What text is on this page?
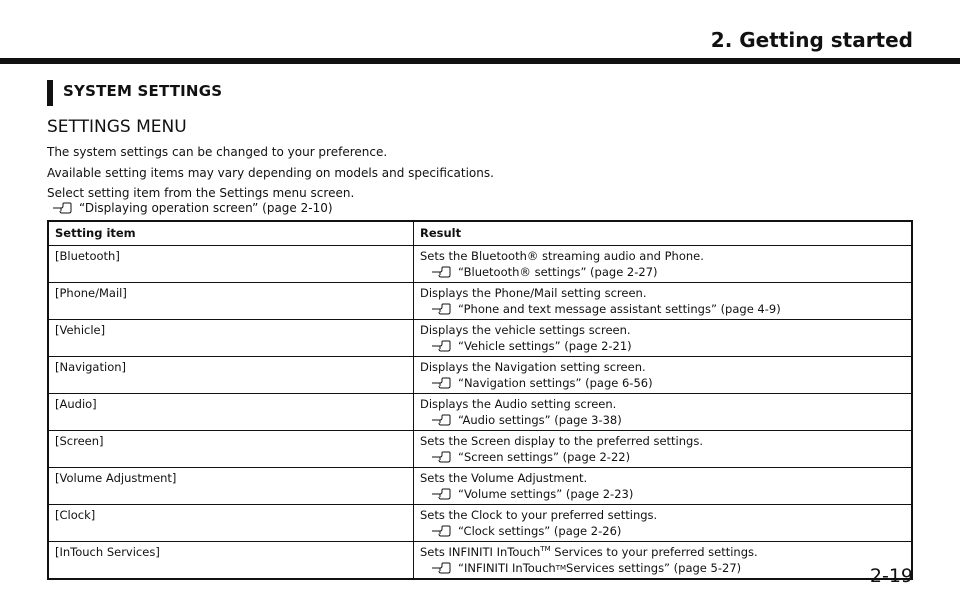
2. Getting started
SYSTEM SETTINGS
SETTINGS MENU
The system settings can be changed to your preference.
Available setting items may vary depending on models and specifications.
Select setting item from the Settings menu screen.
“Displaying operation screen” (page 2-10)
Setting item	Result
[Bluetooth]	Sets the Bluetooth® streaming audio and Phone.
“Bluetooth® settings” (page 2-27)

[Phone/Mail]	Displays the Phone/Mail setting screen.
“Phone and text message assistant settings” (page 4-9)

[Vehicle]	Displays the vehicle settings screen.
“Vehicle settings” (page 2-21)

[Navigation]	Displays the Navigation setting screen.
“Navigation settings” (page 6-56)

[Audio]	Displays the Audio setting screen.
“Audio settings” (page 3-38)

[Screen]	Sets the Screen display to the preferred settings.
“Screen settings” (page 2-22)

[Volume Adjustment]	Sets the Volume Adjustment.
“Volume settings” (page 2-23)

[Clock]	Sets the Clock to your preferred settings.
“Clock settings” (page 2-26)

[InTouch Services]	Sets INFINITI InTouch™ Services to your preferred settings.
“INFINITI InTouch TM Services settings” (page 5-27)	2-19
